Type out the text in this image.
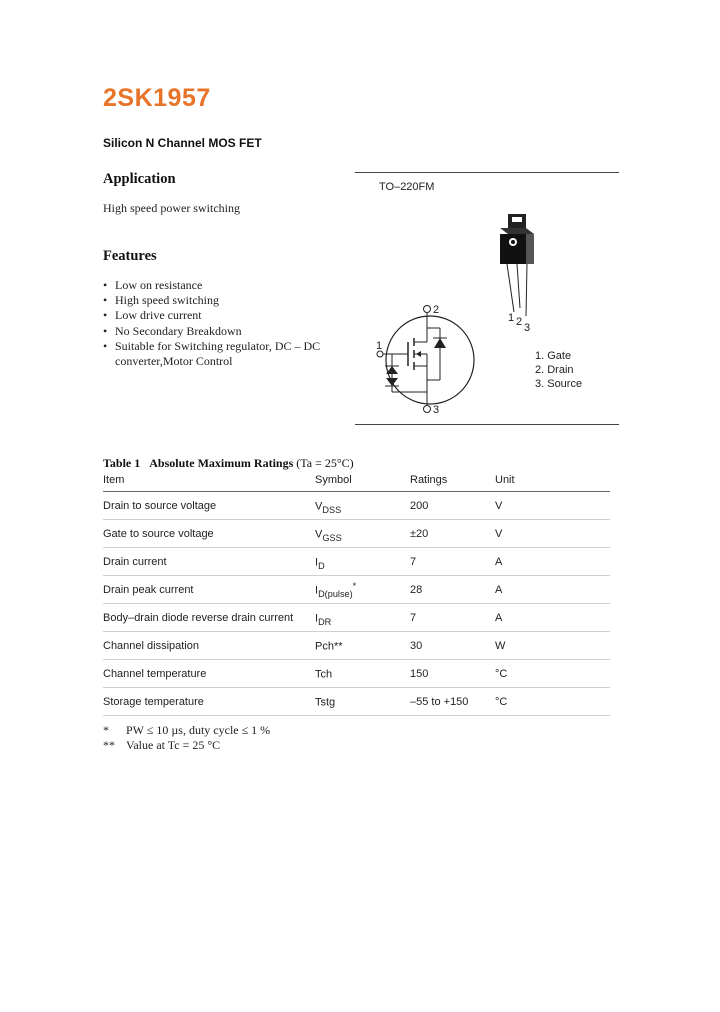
2SK1957
Silicon N Channel MOS FET
Application
High speed power switching
Features
• Low on resistance
• High speed switching
• Low drive current
• No Secondary Breakdown
• Suitable for Switching regulator, DC – DC
converter,Motor Control
TO–220FM
1 2 3
2
1
3
1. Gate
2. Drain
3. Source
Table 1 Absolute Maximum Ratings (Ta = 25°C)
Item	Symbol	Ratings	Unit
Drain to source voltage	$V_{DSS}$	200	V
Gate to source voltage	$V_{GSS}$	±20	V
Drain current	$I_D$	7	A
Drain peak current	$I_{D(pulse)}^*$	28	A
Body–drain diode reverse drain current	$I_{DR}$	7	A
Channel dissipation	Pch**	30	W
Channel temperature	Tch	150	°C
Storage temperature	Tstg	–55 to +150	°C
* PW ≤ 10 µs, duty cycle ≤ 1 %
** Value at Tc = 25 °C
